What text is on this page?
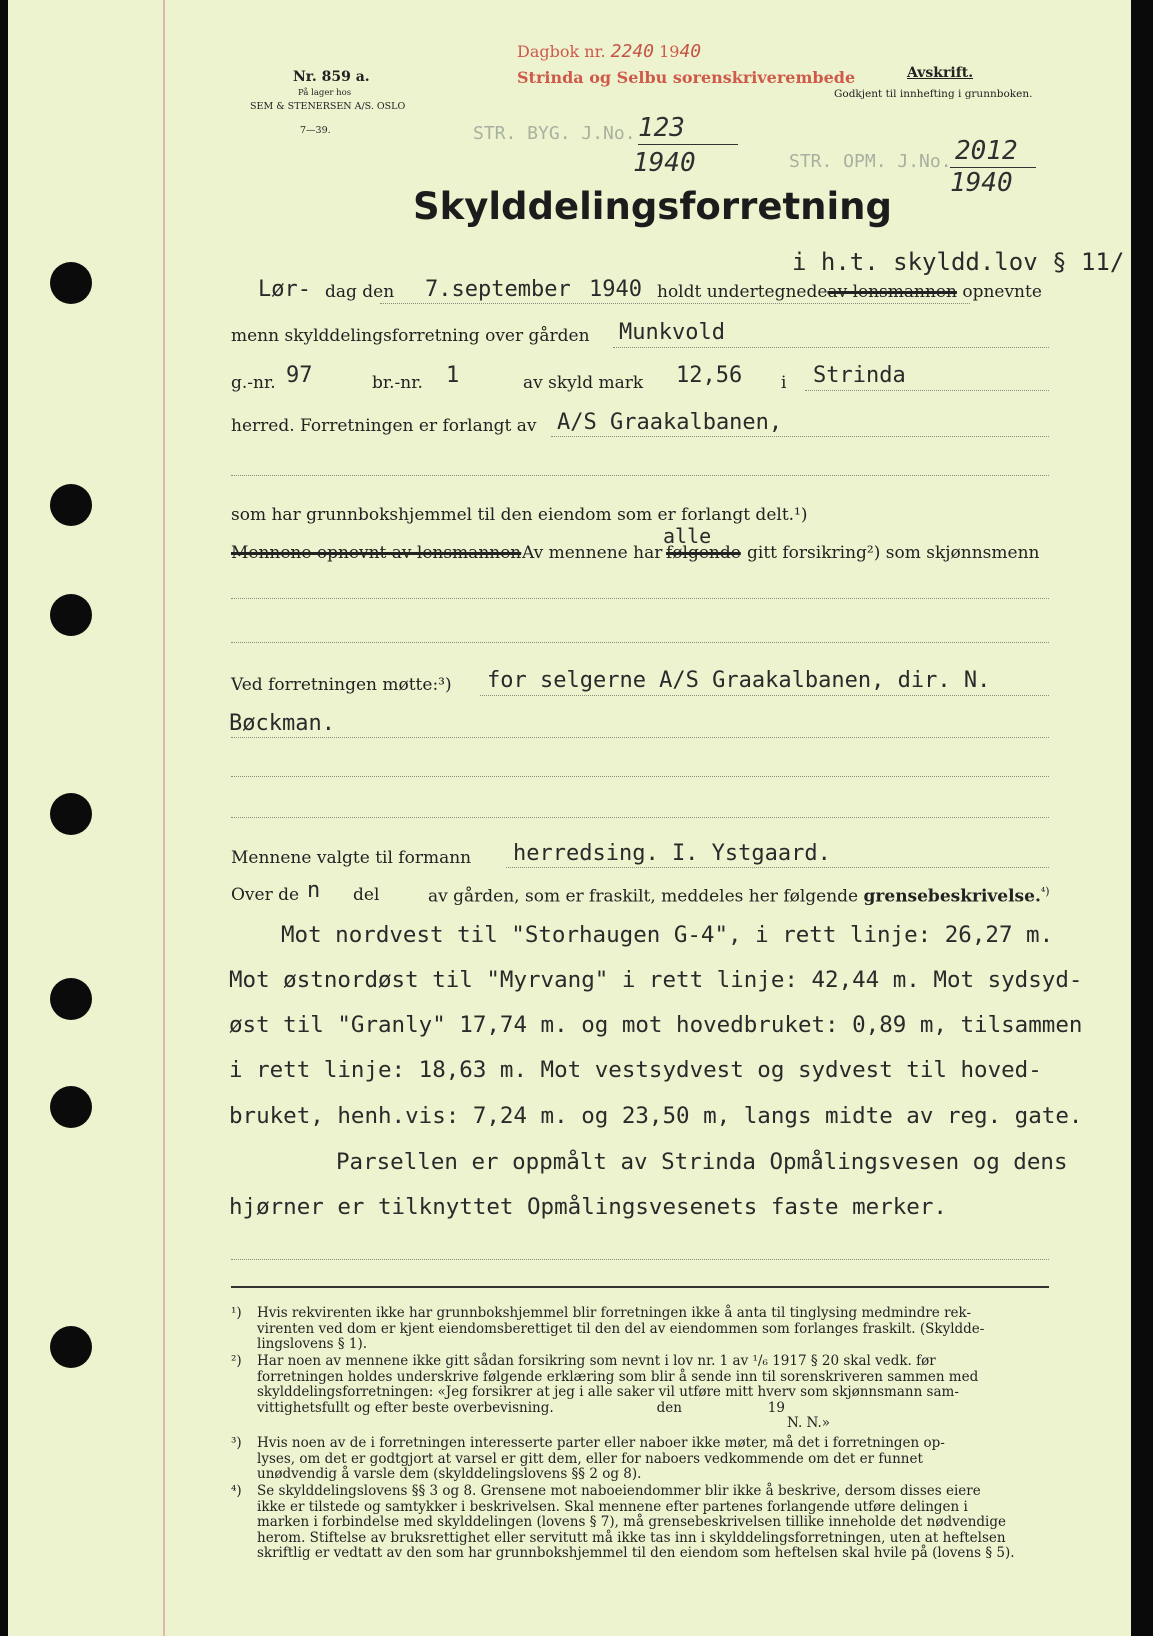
Nr. 859 a.
På lager hos
SEM & STENERSEN A/S. OSLO
7—39.
Dagbok nr. 2240 1940
Strinda og Selbu sorenskriverembede	Avskrift.
Godkjent til innhefting i grunnboken.
STR. BYG. J.No. 123
1940	STR. OPM. J.No. 2012
1940
Skylddelingsforretning
i h.t. skyldd.lov § 11/
Lør- dag den 7.september 1940 holdt undertegnedeav lensmannen opnevnte
menn skylddelingsforretning over gården Munkvold
g.-nr. 97	br.-nr. 1	av skyld mark 12,56 i Strinda
herred. Forretningen er forlangt av A/S Graakalbanen,
som har grunnbokshjemmel til den eiendom som er forlangt delt.¹)
Mennene opnevnt av lensmannen Av mennene har
alle
følgende gitt forsikring²) som skjønnsmenn
Ved forretningen møtte:³) for selgerne A/S Graakalbanen, dir. N.
Bøckman.
Mennene valgte til formann herredsing. I. Ystgaard.
Over de n del	av gården, som er fraskilt, meddeles her følgende grensebeskrivelse.$^{^4)}$
Mot nordvest til "Storhaugen G-4", i rett linje: 26,27 m.
Mot østnordøst til "Myrvang" i rett linje: 42,44 m. Mot sydsyd-
øst til "Granly" 17,74 m. og mot hovedbruket: 0,89 m, tilsammen
i rett linje: 18,63 m. Mot vestsydvest og sydvest til hoved-
bruket, henh.vis: 7,24 m. og 23,50 m, langs midte av reg. gate.
Parsellen er oppmålt av Strinda Opmålingsvesen og dens
hjørner er tilknyttet Opmålingsvesenets faste merker.
¹) Hvis rekvirenten ikke har grunnbokshjemmel blir forretningen ikke å anta til tinglysing medmindre rek-
virenten ved dom er kjent eiendomsberettiget til den del av eiendommen som forlanges fraskilt. (Skyldde-
lingslovens § 1).
²) Har noen av mennene ikke gitt sådan forsikring som nevnt i lov nr. 1 av ¹/₆ 1917 § 20 skal vedk. før
forretningen holdes underskrive følgende erklæring som blir å sende inn til sorenskriveren sammen med
skylddelingsforretningen: «Jeg forsikrer at jeg i alle saker vil utføre mitt hverv som skjønnsmann sam-
vittighetsfullt og efter beste overbevisning.                        den                    19
N. N.»
³) Hvis noen av de i forretningen interesserte parter eller naboer ikke møter, må det i forretningen op-
lyses, om det er godtgjort at varsel er gitt dem, eller for naboers vedkommende om det er funnet
unødvendig å varsle dem (skylddelingslovens §§ 2 og 8).
⁴) Se skylddelingslovens §§ 3 og 8. Grensene mot naboeiendommer blir ikke å beskrive, dersom disses eiere
ikke er tilstede og samtykker i beskrivelsen. Skal mennene efter partenes forlangende utføre delingen i
marken i forbindelse med skylddelingen (lovens § 7), må grensebeskrivelsen tillike inneholde det nødvendige
herom. Stiftelse av bruksrettighet eller servitutt må ikke tas inn i skylddelingsforretningen, uten at heftelsen
skriftlig er vedtatt av den som har grunnbokshjemmel til den eiendom som heftelsen skal hvile på (lovens § 5).
